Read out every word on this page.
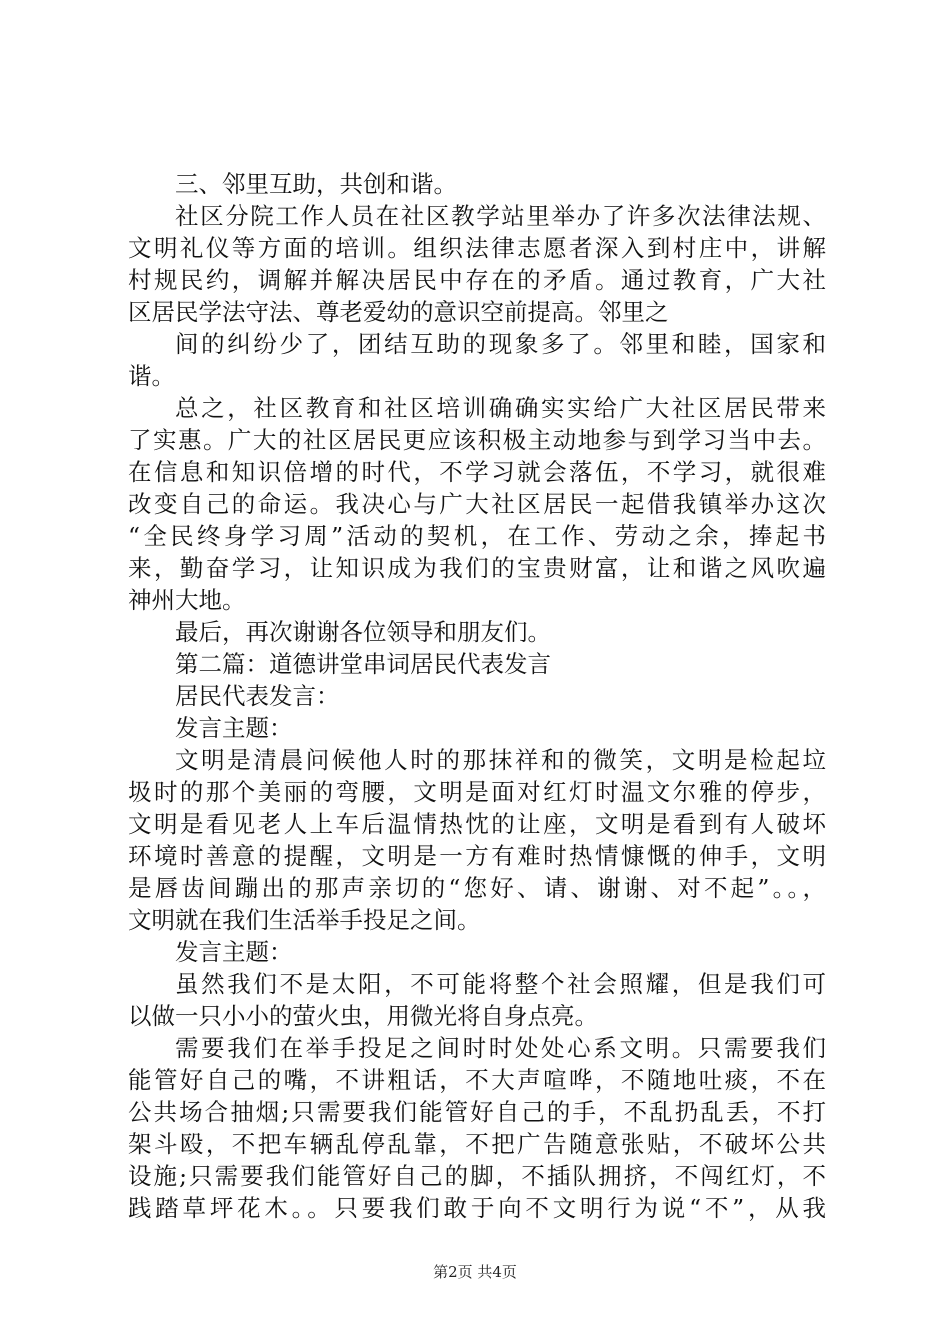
三、邻里互助，共创和谐。
社区分院工作人员在社区教学站里举办了许多次法律法规、
文明礼仪等方面的培训。组织法律志愿者深入到村庄中，讲解
村规民约，调解并解决居民中存在的矛盾。通过教育，广大社
区居民学法守法、尊老爱幼的意识空前提高。邻里之
间的纠纷少了，团结互助的现象多了。邻里和睦，国家和
谐。
总之，社区教育和社区培训确确实实给广大社区居民带来
了实惠。广大的社区居民更应该积极主动地参与到学习当中去。
在信息和知识倍增的时代，不学习就会落伍，不学习，就很难
改变自己的命运。我决心与广大社区居民一起借我镇举办这次
“全民终身学习周”活动的契机，在工作、劳动之余，捧起书
来，勤奋学习，让知识成为我们的宝贵财富，让和谐之风吹遍
神州大地。
最后，再次谢谢各位领导和朋友们。
第二篇：道德讲堂串词居民代表发言
居民代表发言：
发言主题：
文明是清晨问候他人时的那抹祥和的微笑，文明是检起垃
圾时的那个美丽的弯腰，文明是面对红灯时温文尔雅的停步，
文明是看见老人上车后温情热忱的让座，文明是看到有人破坏
环境时善意的提醒，文明是一方有难时热情慷慨的伸手，文明
是唇齿间蹦出的那声亲切的“您好、请、谢谢、对不起”。。，
文明就在我们生活举手投足之间。
发言主题：
虽然我们不是太阳，不可能将整个社会照耀，但是我们可
以做一只小小的萤火虫，用微光将自身点亮。
需要我们在举手投足之间时时处处心系文明。只需要我们
能管好自己的嘴，不讲粗话，不大声喧哗，不随地吐痰，不在
公共场合抽烟;只需要我们能管好自己的手，不乱扔乱丢，不打
架斗殴，不把车辆乱停乱靠，不把广告随意张贴，不破坏公共
设施;只需要我们能管好自己的脚，不插队拥挤，不闯红灯，不
践踏草坪花木。。只要我们敢于向不文明行为说“不”，从我
第2页 共4页
